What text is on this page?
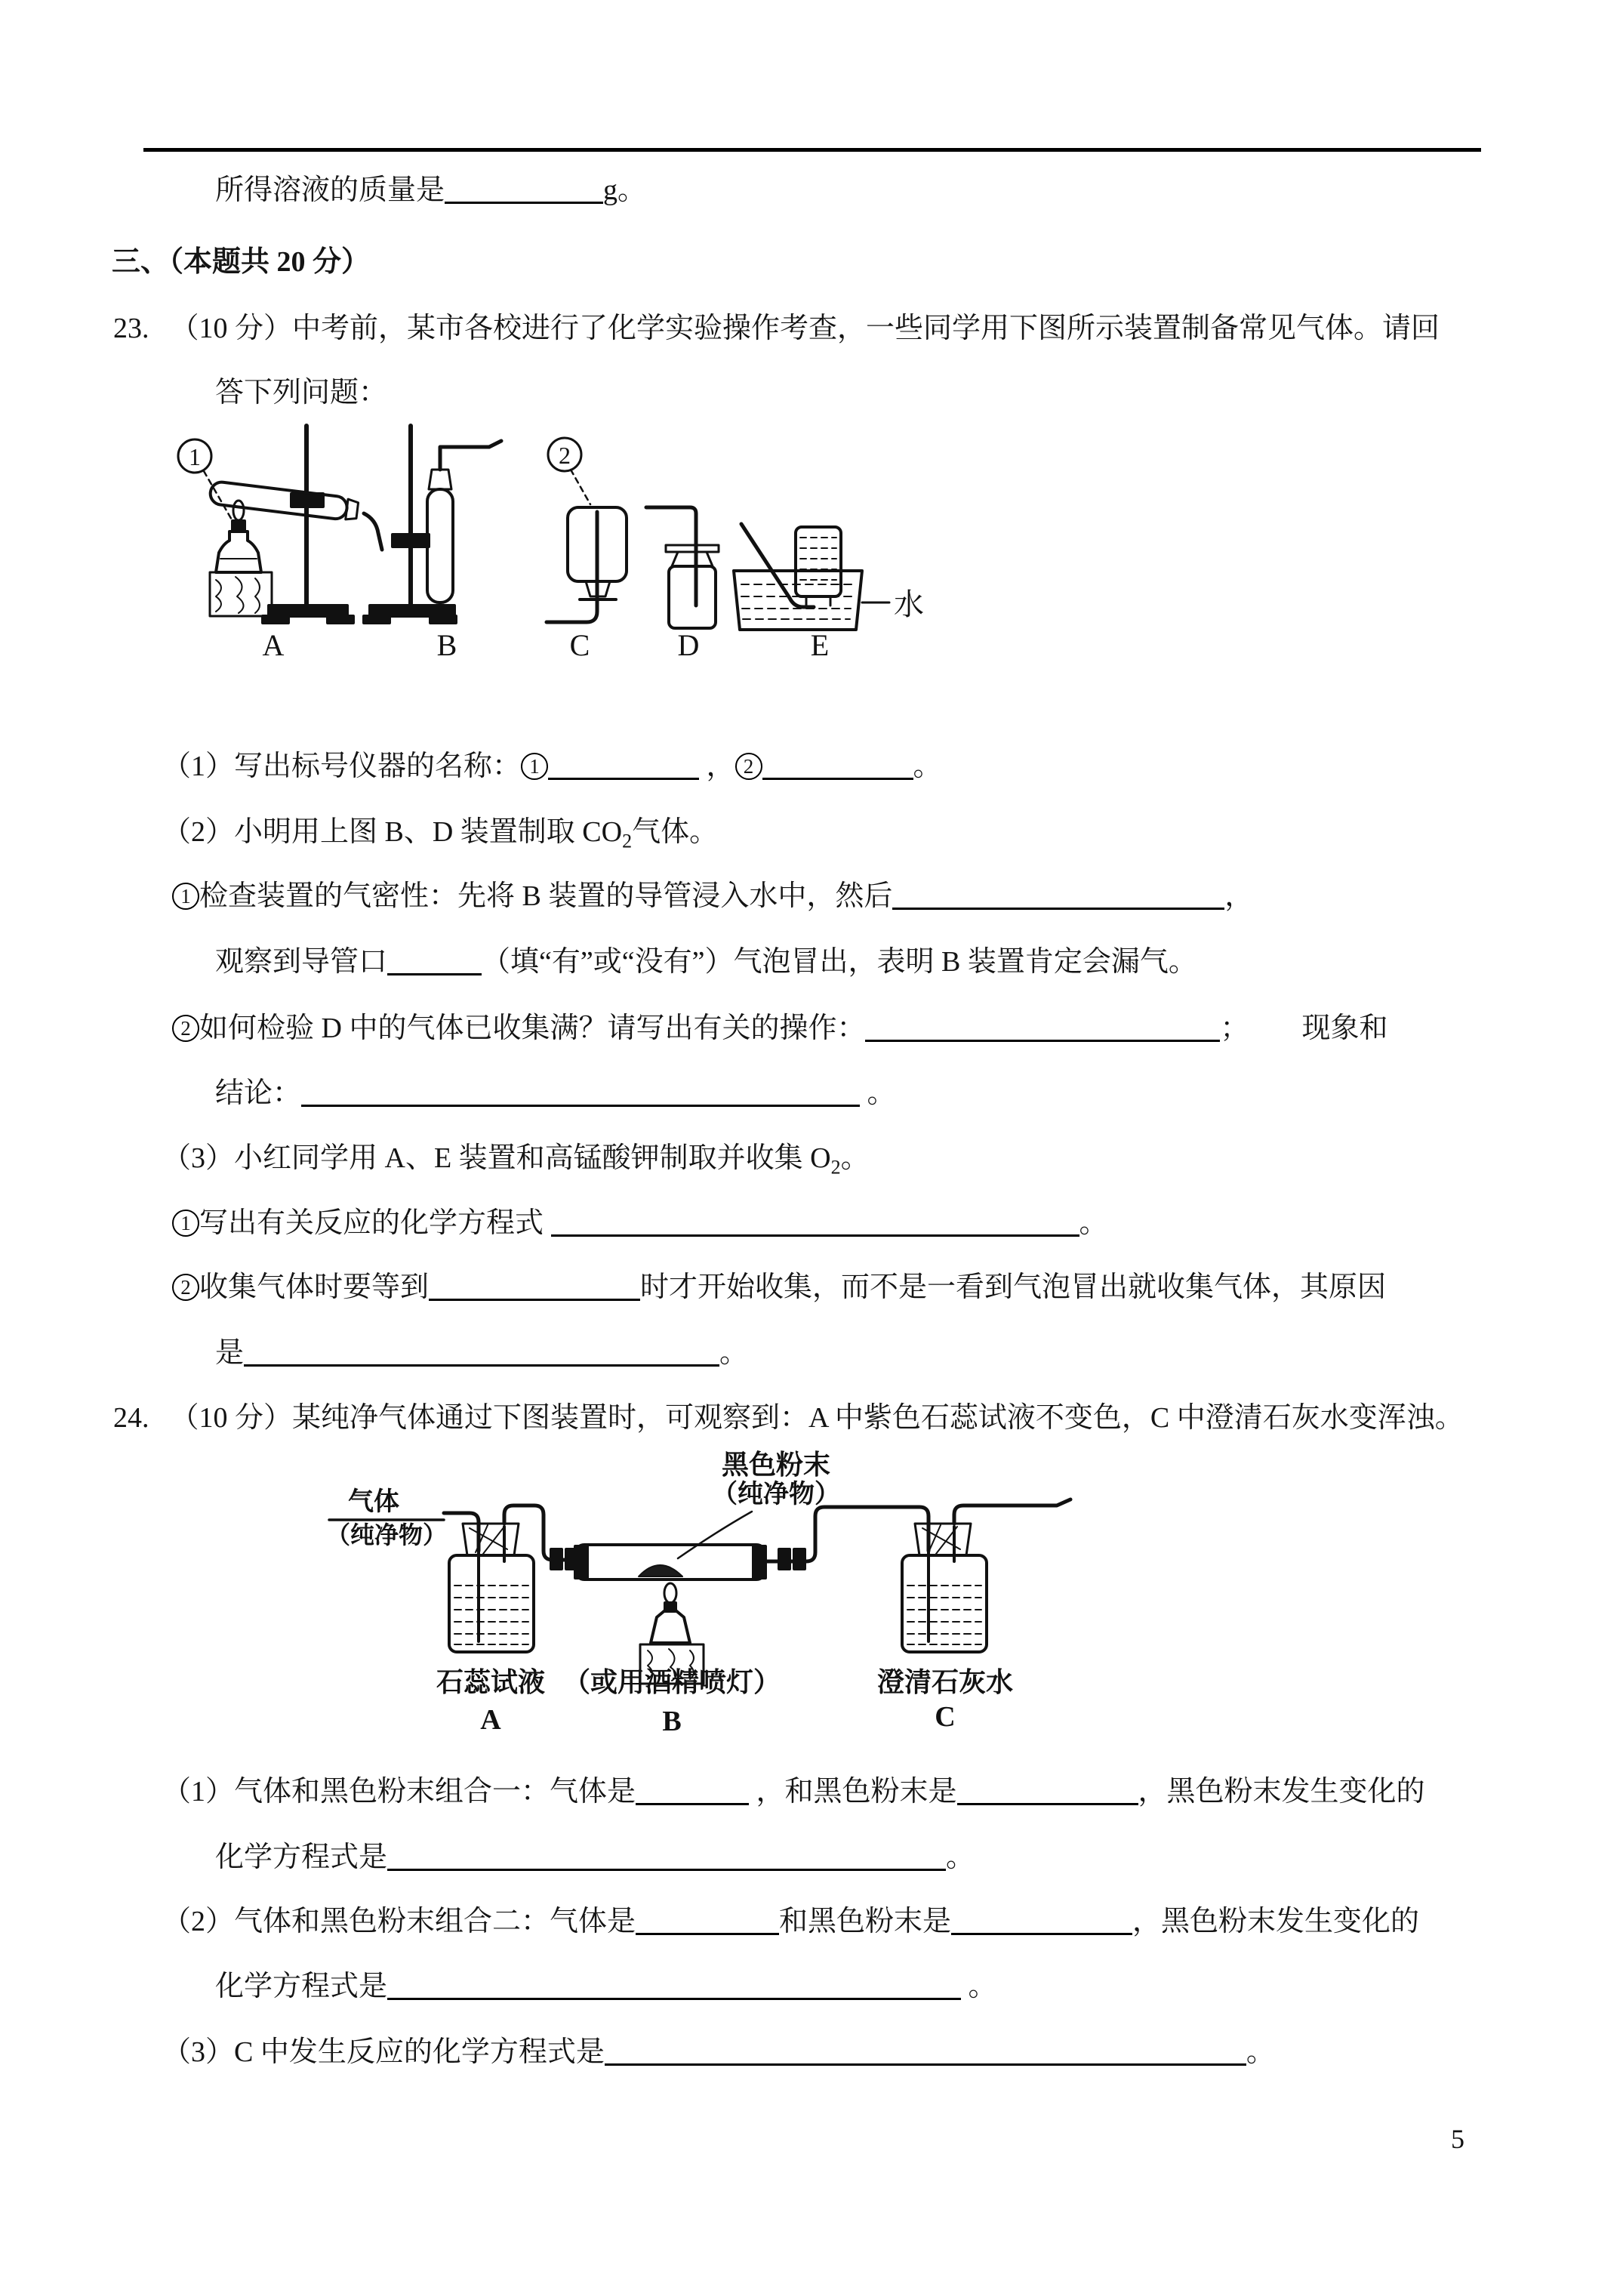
所得溶液的质量是	g。
三、（本题共 20 分）
23. （10 分）中考前，某市各校进行了化学实验操作考查，一些同学用下图所示装置制备常见气体。请回
答下列问题：
1
A	B
2
C	D
水
E
（1）写出标号仪器的名称： 1	， 2	。
（2）小明用上图 B、D 装置制取 $CO_2$气体。
1 检查装置的气密性：先将 B 装置的导管浸入水中，然后	，
观察到导管口	（填“有”或“没有”）气泡冒出，表明 B 装置肯定会漏气。
2 如何检验 D 中的气体已收集满？请写出有关的操作：	； 现象和
结论：	。
（3）小红同学用 A、E 装置和高锰酸钾制取并收集 $O_2$。
1 写出有关反应的化学方程式	。
2 收集气体时要等到	时才开始收集，而不是一看到气泡冒出就收集气体，其原因
是	。
24. （10 分）某纯净气体通过下图装置时，可观察到：A 中紫色石蕊试液不变色，C 中澄清石灰水变浑浊。
黑色粉末
（纯净物）
气体
（纯净物）
石蕊试液
A
（或用酒精喷灯）
B
澄清石灰水
C
（1）气体和黑色粉末组合一：气体是	，和黑色粉末是	，黑色粉末发生变化的
化学方程式是	。
（2）气体和黑色粉末组合二：气体是	和黑色粉末是	，黑色粉末发生变化的
化学方程式是	。
（3）C 中发生反应的化学方程式是	。
5
